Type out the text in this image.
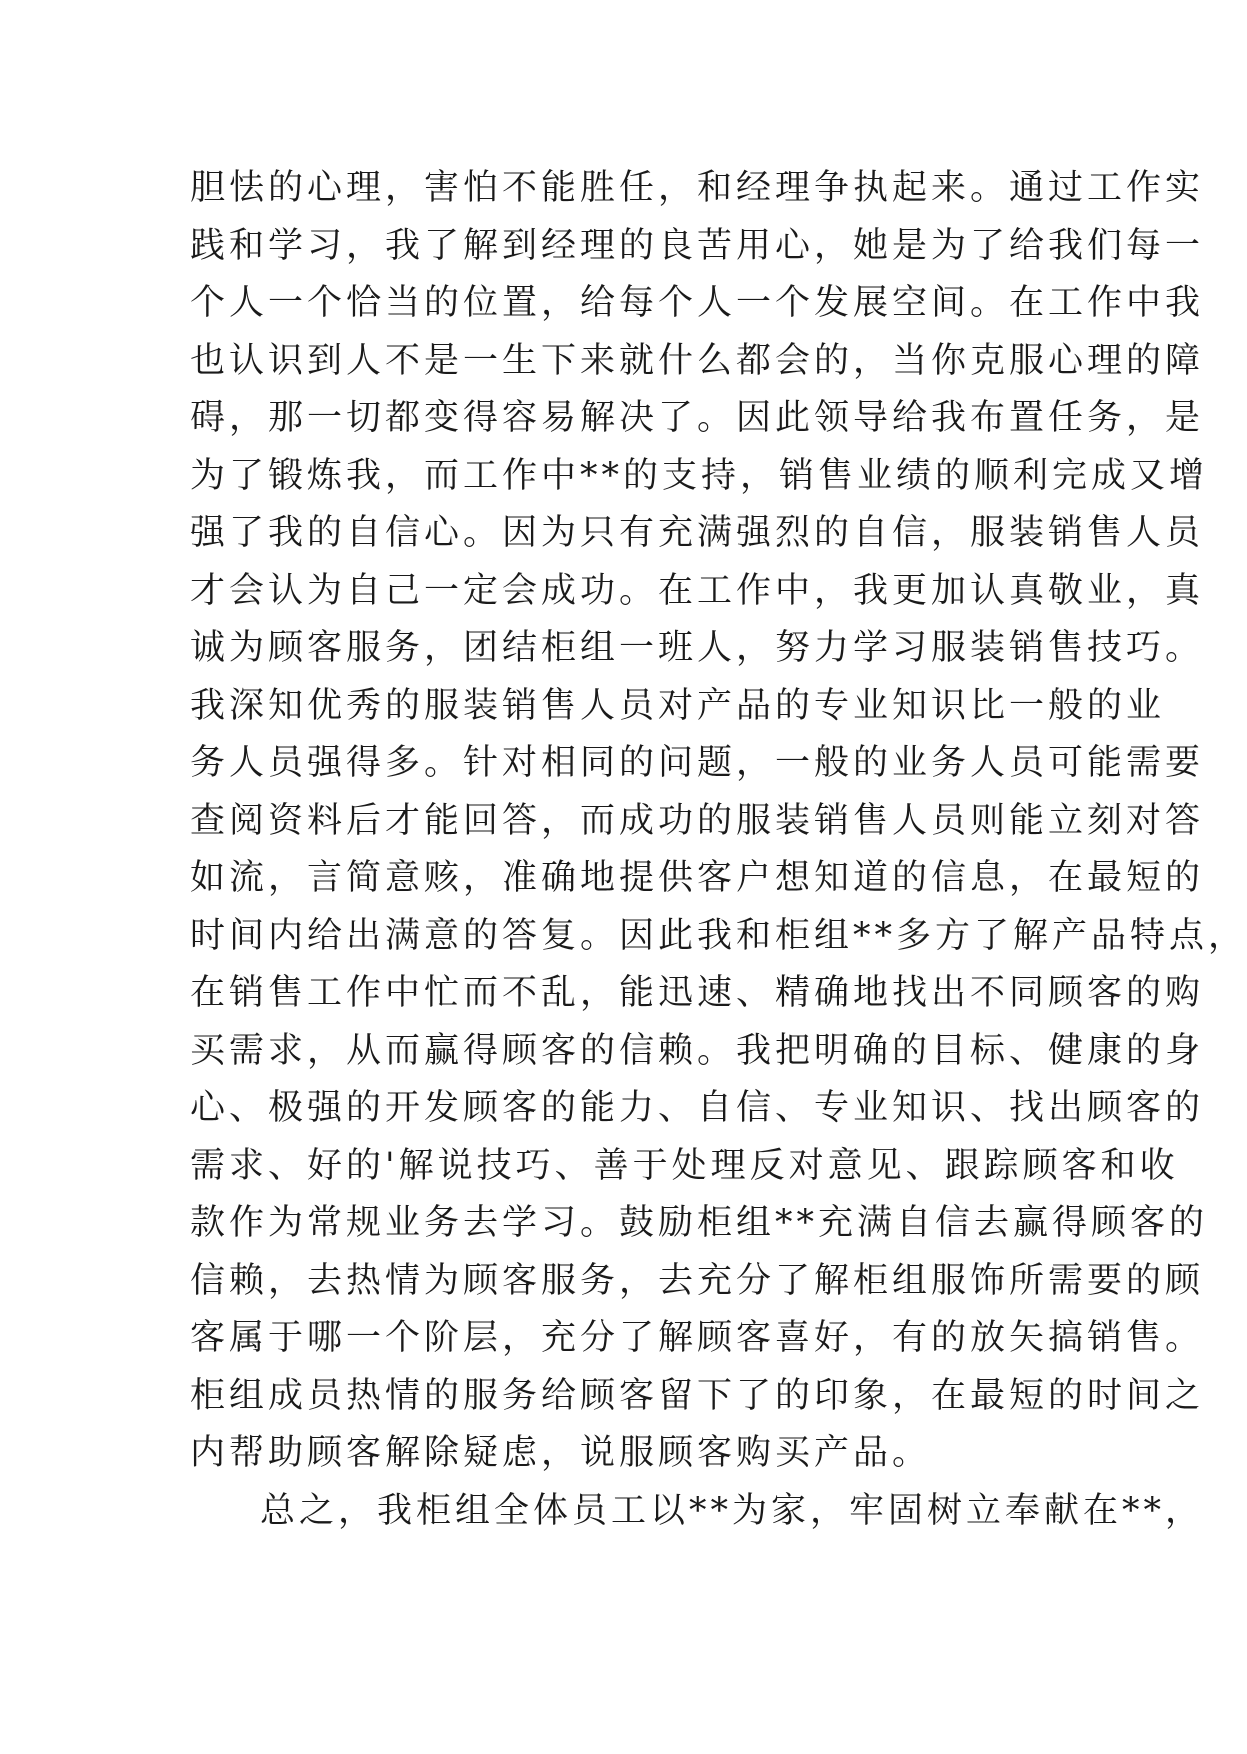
胆怯的心理，害怕不能胜任，和经理争执起来。通过工作实
践和学习，我了解到经理的良苦用心，她是为了给我们每一
个人一个恰当的位置，给每个人一个发展空间。在工作中我
也认识到人不是一生下来就什么都会的，当你克服心理的障
碍，那一切都变得容易解决了。因此领导给我布置任务，是
为了锻炼我，而工作中**的支持，销售业绩的顺利完成又增
强了我的自信心。因为只有充满强烈的自信，服装销售人员
才会认为自己一定会成功。在工作中，我更加认真敬业，真
诚为顾客服务，团结柜组一班人，努力学习服装销售技巧。
我深知优秀的服装销售人员对产品的专业知识比一般的业
务人员强得多。针对相同的问题，一般的业务人员可能需要
查阅资料后才能回答，而成功的服装销售人员则能立刻对答
如流，言简意赅，准确地提供客户想知道的信息，在最短的
时间内给出满意的答复。因此我和柜组**多方了解产品特点，
在销售工作中忙而不乱，能迅速、精确地找出不同顾客的购
买需求，从而赢得顾客的信赖。我把明确的目标、健康的身
心、极强的开发顾客的能力、自信、专业知识、找出顾客的
需求、好的'解说技巧、善于处理反对意见、跟踪顾客和收
款作为常规业务去学习。鼓励柜组**充满自信去赢得顾客的
信赖，去热情为顾客服务，去充分了解柜组服饰所需要的顾
客属于哪一个阶层，充分了解顾客喜好，有的放矢搞销售。
柜组成员热情的服务给顾客留下了的印象，在最短的时间之
内帮助顾客解除疑虑，说服顾客购买产品。
总之，我柜组全体员工以**为家，牢固树立奉献在**，
